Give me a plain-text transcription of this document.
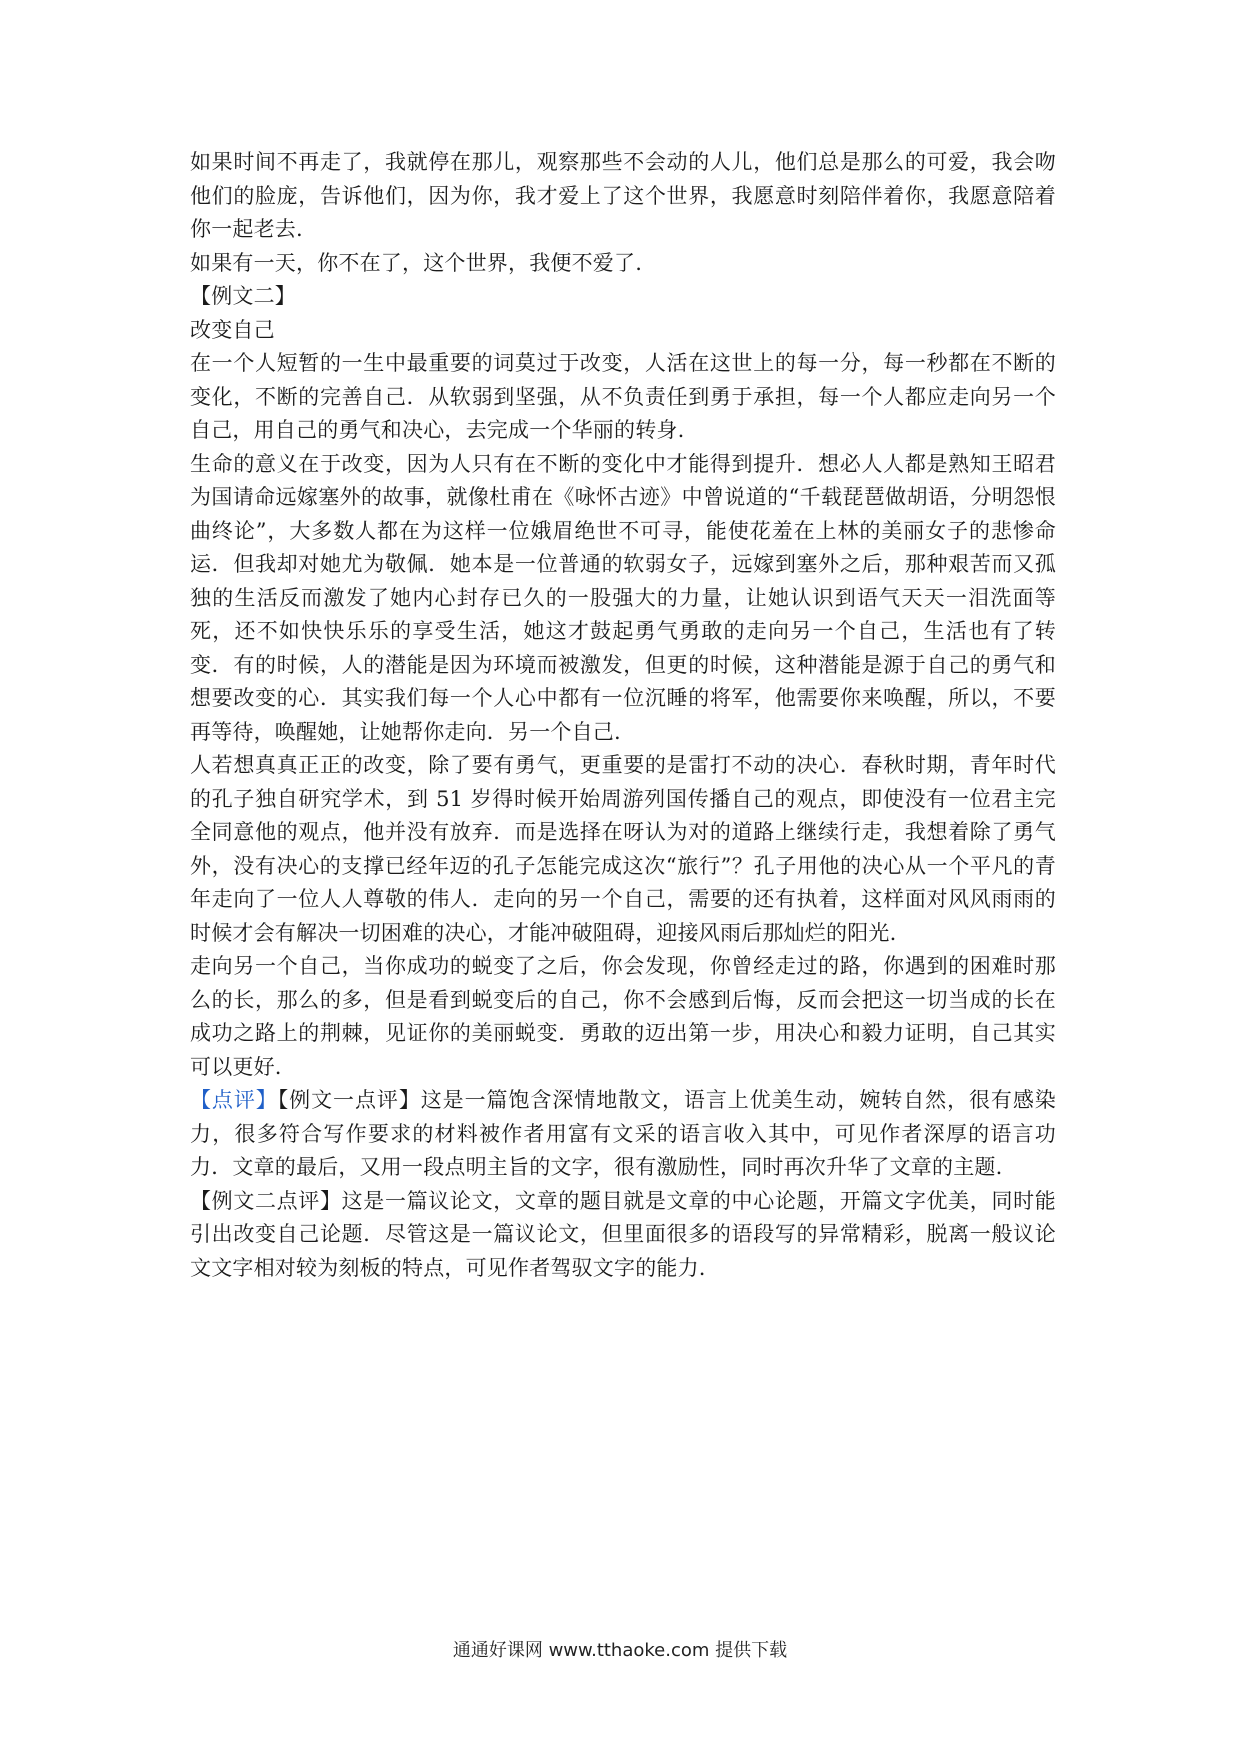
如果时间不再走了，我就停在那儿，观察那些不会动的人儿，他们总是那么的可爱，我会吻他们的脸庞，告诉他们，因为你，我才爱上了这个世界，我愿意时刻陪伴着你，我愿意陪着你一起老去.

如果有一天，你不在了，这个世界，我便不爱了.

【例文二】

改变自己

在一个人短暂的一生中最重要的词莫过于改变，人活在这世上的每一分，每一秒都在不断的变化，不断的完善自己．从软弱到坚强，从不负责任到勇于承担，每一个人都应走向另一个自己，用自己的勇气和决心，去完成一个华丽的转身.

生命的意义在于改变，因为人只有在不断的变化中才能得到提升．想必人人都是熟知王昭君为国请命远嫁塞外的故事，就像杜甫在《咏怀古迹》中曾说道的“千载琵琶做胡语，分明怨恨曲终论”，大多数人都在为这样一位娥眉绝世不可寻，能使花羞在上林的美丽女子的悲惨命运．但我却对她尤为敬佩．她本是一位普通的软弱女子，远嫁到塞外之后，那种艰苦而又孤独的生活反而激发了她内心封存已久的一股强大的力量，让她认识到语气天天一泪洗面等死，还不如快快乐乐的享受生活，她这才鼓起勇气勇敢的走向另一个自己，生活也有了转变．有的时候，人的潜能是因为环境而被激发，但更的时候，这种潜能是源于自己的勇气和想要改变的心．其实我们每一个人心中都有一位沉睡的将军，他需要你来唤醒，所以，不要再等待，唤醒她，让她帮你走向．另一个自己.

人若想真真正正的改变，除了要有勇气，更重要的是雷打不动的决心．春秋时期，青年时代的孔子独自研究学术，到 51 岁得时候开始周游列国传播自己的观点，即使没有一位君主完全同意他的观点，他并没有放弃．而是选择在呀认为对的道路上继续行走，我想着除了勇气外，没有决心的支撑已经年迈的孔子怎能完成这次“旅行”？孔子用他的决心从一个平凡的青年走向了一位人人尊敬的伟人．走向的另一个自己，需要的还有执着，这样面对风风雨雨的时候才会有解决一切困难的决心，才能冲破阻碍，迎接风雨后那灿烂的阳光.

走向另一个自己，当你成功的蜕变了之后，你会发现，你曾经走过的路，你遇到的困难时那么的长，那么的多，但是看到蜕变后的自己，你不会感到后悔，反而会把这一切当成的长在成功之路上的荆棘，见证你的美丽蜕变．勇敢的迈出第一步，用决心和毅力证明，自己其实可以更好.

【点评】【例文一点评】这是一篇饱含深情地散文，语言上优美生动，婉转自然，很有感染力，很多符合写作要求的材料被作者用富有文采的语言收入其中，可见作者深厚的语言功力．文章的最后，又用一段点明主旨的文字，很有激励性，同时再次升华了文章的主题.

【例文二点评】这是一篇议论文，文章的题目就是文章的中心论题，开篇文字优美，同时能引出改变自己论题．尽管这是一篇议论文，但里面很多的语段写的异常精彩，脱离一般议论文文字相对较为刻板的特点，可见作者驾驭文字的能力.

通通好课网 www.tthaoke.com 提供下载
